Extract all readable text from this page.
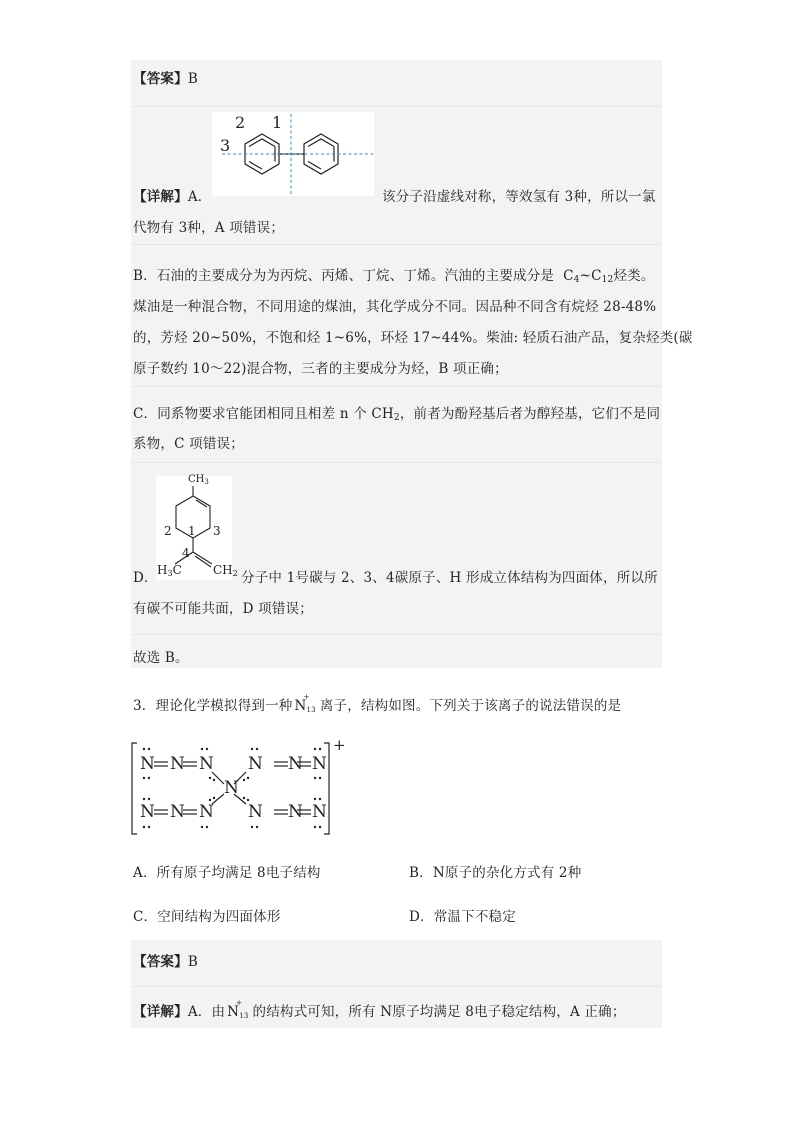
【答案】B
2 1
3
【详解】A．	该分子沿虚线对称，等效氢有 3种，所以一氯
代物有 3种，A 项错误；
B．石油的主要成分为为丙烷、丙烯、丁烷、丁烯。汽油的主要成分是 $C_4\sim C_{12}$烃类。
煤油是一种混合物，不同用途的煤油，其化学成分不同。因品种不同含有烷烃 28-48%
的，芳烃 20~50%，不饱和烃 1~6%，环烃 17~44%。柴油: 轻质石油产品，复杂烃类(碳
原子数约 10～22)混合物，三者的主要成分为烃，B 项正确；
C．同系物要求官能团相同且相差 n 个 $CH_2$，前者为酚羟基后者为醇羟基，它们不是同
系物，C 项错误；
$CH_3$
2 1 3
4
D． $H_3C$	$CH_2$ 分子中 1号碳与 2、3、4碳原子、H 形成立体结构为四面体，所以所
有碳不可能共面，D 项错误；
故选 B。
3．理论化学模拟得到一种 N
+
$_{13}$ 离子，结构如图。下列关于该离子的说法错误的是
N N N
N
N N N
N N N N N N
+
A．所有原子均满足 8电子结构	B．N原子的杂化方式有 2种
C．空间结构为四面体形	D．常温下不稳定
【答案】B
【详解】A．由 N
+
$_{13}$ 的结构式可知，所有 N原子均满足 8电子稳定结构，A 正确；
